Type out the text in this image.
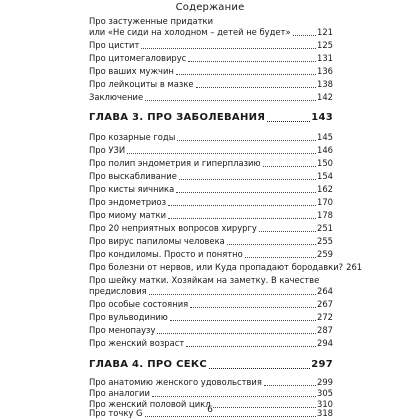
Содержание
Про застуженные придатки
или «Не сиди на холодном – детей не будет»	121
Про цистит	125
Про цитомегаловирус	131
Про ваших мужчин	136
Про лейкоциты в мазке	138
Заключение	142
ГЛАВА 3. ПРО ЗАБОЛЕВАНИЯ	143
Про козарные годы	145
Про УЗИ	146
Про полип эндометрия и гиперплазию	150
Про выскабливание	154
Про кисты яичника	162
Про эндометриоз	170
Про миому матки	178
Про 20 неприятных вопросов хирургу	251
Про вирус папиломы человека	255
Про кондиломы. Просто и понятно	259
Про болезни от нервов, или Куда пропадают бородавки? 261
Про шейку матки. Хозяйкам на заметку. В качестве
предисловия	264
Про особые состояния	267
Про вульводинию	272
Про менопаузу	287
Про женский возраст	294
ГЛАВА 4. ПРО СЕКС	297
Про анатомию женского удовольствия	299
Про аналогии	305
Про женский половой цикл	310
Про точку G	318
6
